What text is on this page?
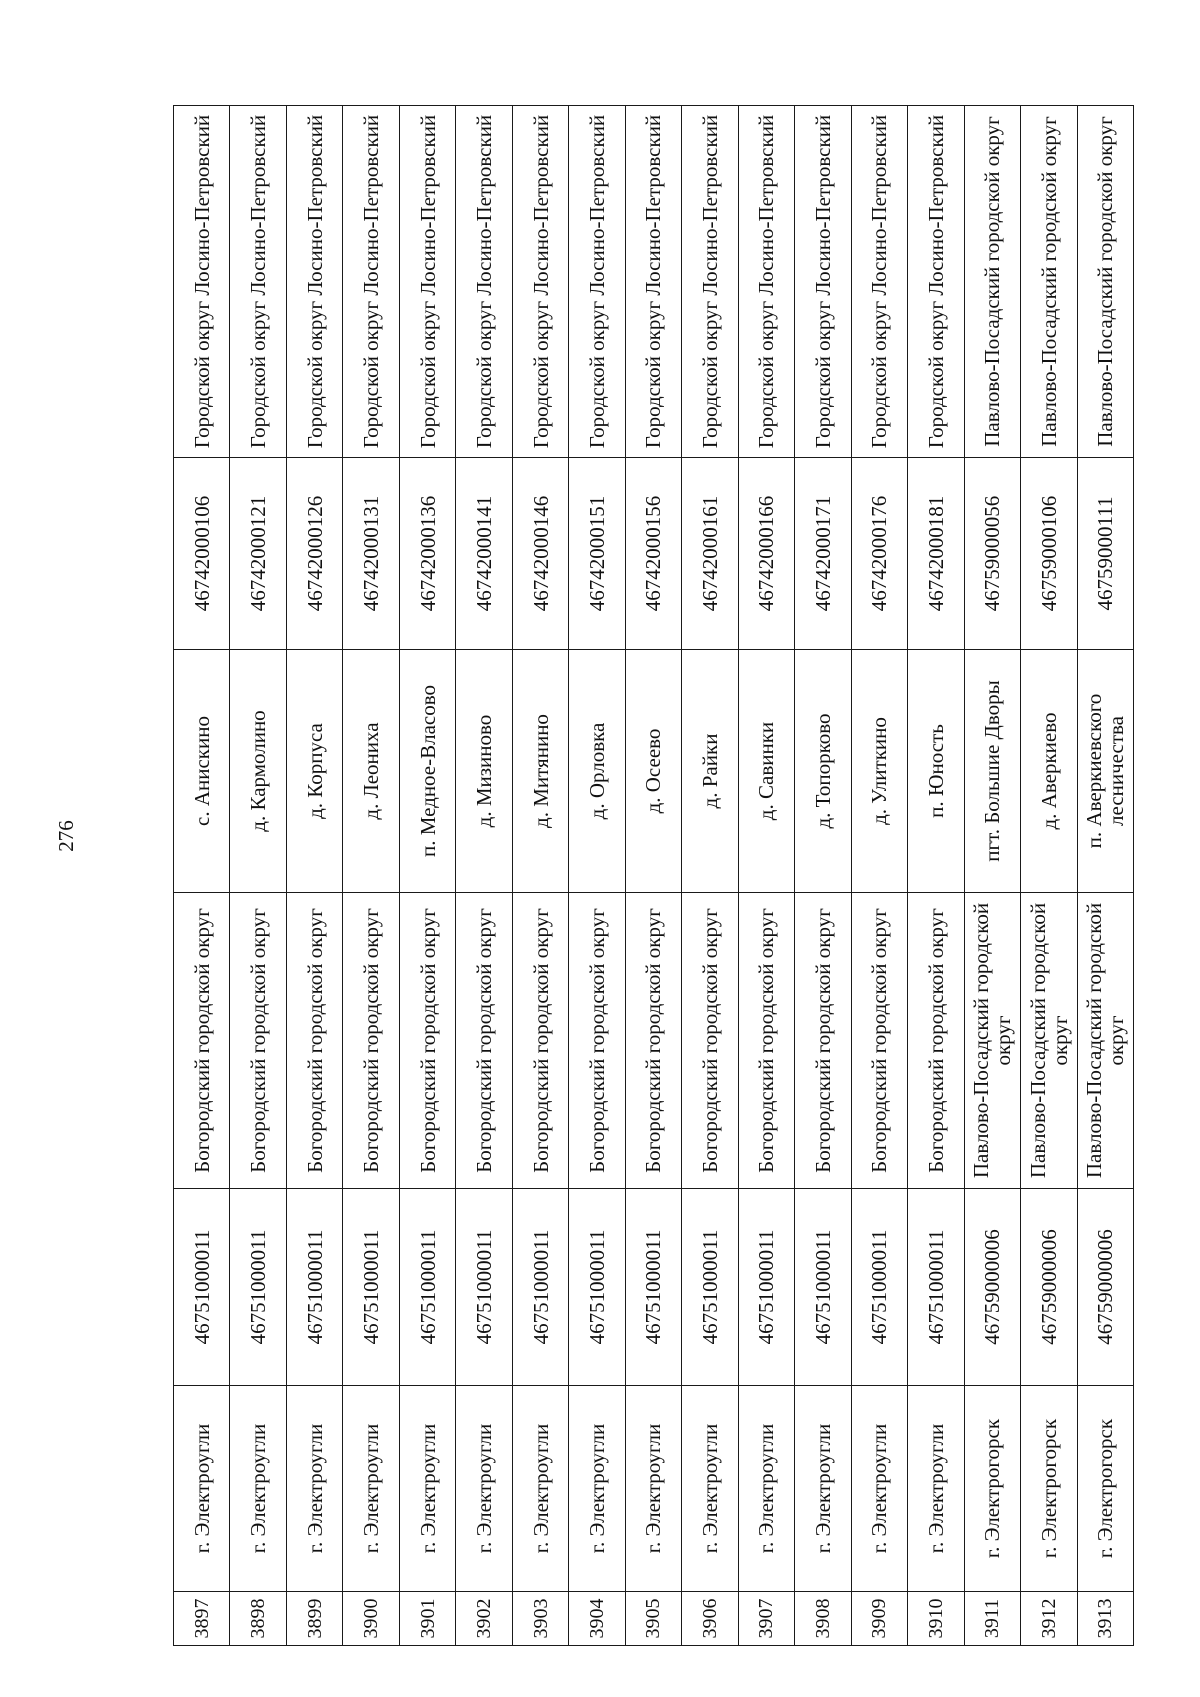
276
3897	г. Электроугли	46751000011	Богородский городской округ	с. Анискино	46742000106	Городской округ Лосино-Петровский
3898	г. Электроугли	46751000011	Богородский городской округ	д. Кармолино	46742000121	Городской округ Лосино-Петровский
3899	г. Электроугли	46751000011	Богородский городской округ	д. Корпуса	46742000126	Городской округ Лосино-Петровский
3900	г. Электроугли	46751000011	Богородский городской округ	д. Леониха	46742000131	Городской округ Лосино-Петровский
3901	г. Электроугли	46751000011	Богородский городской округ	п. Медное-Власово	46742000136	Городской округ Лосино-Петровский
3902	г. Электроугли	46751000011	Богородский городской округ	д. Мизиново	46742000141	Городской округ Лосино-Петровский
3903	г. Электроугли	46751000011	Богородский городской округ	д. Митянино	46742000146	Городской округ Лосино-Петровский
3904	г. Электроугли	46751000011	Богородский городской округ	д. Орловка	46742000151	Городской округ Лосино-Петровский
3905	г. Электроугли	46751000011	Богородский городской округ	д. Осеево	46742000156	Городской округ Лосино-Петровский
3906	г. Электроугли	46751000011	Богородский городской округ	д. Райки	46742000161	Городской округ Лосино-Петровский
3907	г. Электроугли	46751000011	Богородский городской округ	д. Савинки	46742000166	Городской округ Лосино-Петровский
3908	г. Электроугли	46751000011	Богородский городской округ	д. Топорково	46742000171	Городской округ Лосино-Петровский
3909	г. Электроугли	46751000011	Богородский городской округ	д. Улиткино	46742000176	Городской округ Лосино-Петровский
3910	г. Электроугли	46751000011	Богородский городской округ	п. Юность	46742000181	Городской округ Лосино-Петровский
3911	г. Электрогорск	46759000006	Павлово-Посадский городской округ	пгт. Большие Дворы	46759000056	Павлово-Посадский городской округ
3912	г. Электрогорск	46759000006	Павлово-Посадский городской округ	д. Аверкиево	46759000106	Павлово-Посадский городской округ
3913	г. Электрогорск	46759000006	Павлово-Посадский городской округ	п. Аверкиевского лесничества	46759000111	Павлово-Посадский городской округ
